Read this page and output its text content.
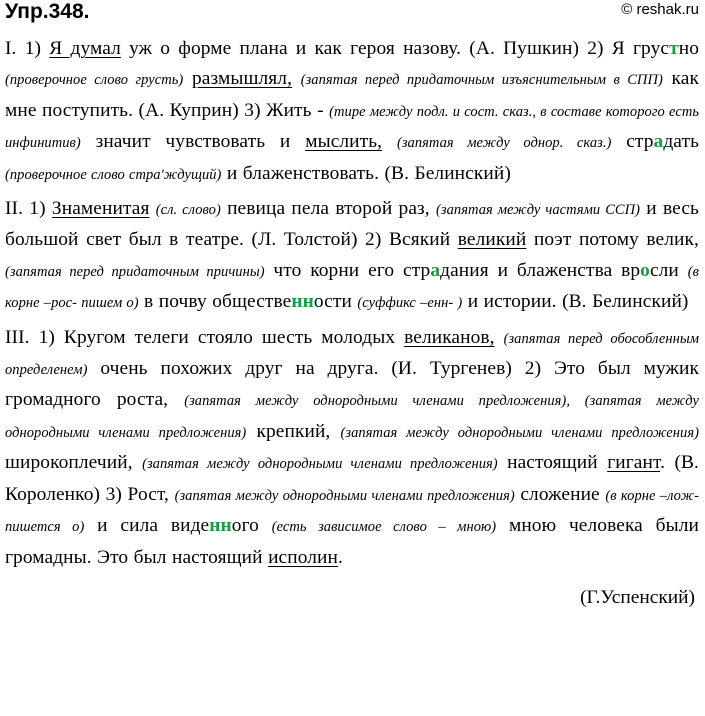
Упр.348.	© reshak.ru
I. 1) Я думал уж о форме плана и как героя назову. (А. Пушкин) 2) Я грустно (проверочное слово грусть) размышлял, (запятая перед придаточным изъяснительным в СПП) как мне поступить. (А. Куприн) 3) Жить - (тире между подл. и сост. сказ., в составе которого есть инфинитив) значит чувствовать и мыслить, (запятая между однор. сказ.) страдать (проверочное слово стра'ждущий) и блаженствовать. (В. Белинский)
II. 1) Знаменитая (сл. слово) певица пела второй раз, (запятая между частями ССП) и весь большой свет был в театре. (Л. Толстой) 2) Всякий великий поэт потому велик, (запятая перед придаточным причины) что корни его страдания и блаженства вросли (в корне –рос- пишем о) в почву общественности (суффикс –енн- ) и истории. (В. Белинский)
III. 1) Кругом телеги стояло шесть молодых великанов, (запятая перед обособленным определенем) очень похожих друг на друга. (И. Тургенев) 2) Это был мужик громадного роста, (запятая между однородными членами предложения), (запятая между однородными членами предложения) крепкий, (запятая между однородными членами предложения) широкоплечий, (запятая между однородными членами предложения) настоящий гигант. (В. Короленко) 3) Рост, (запятая между однородными членами предложения) сложение (в корне –лож- пишется о) и сила виденного (есть зависимое слово – мною) мною человека были громадны. Это был настоящий исполин.
(Г.Успенский)
